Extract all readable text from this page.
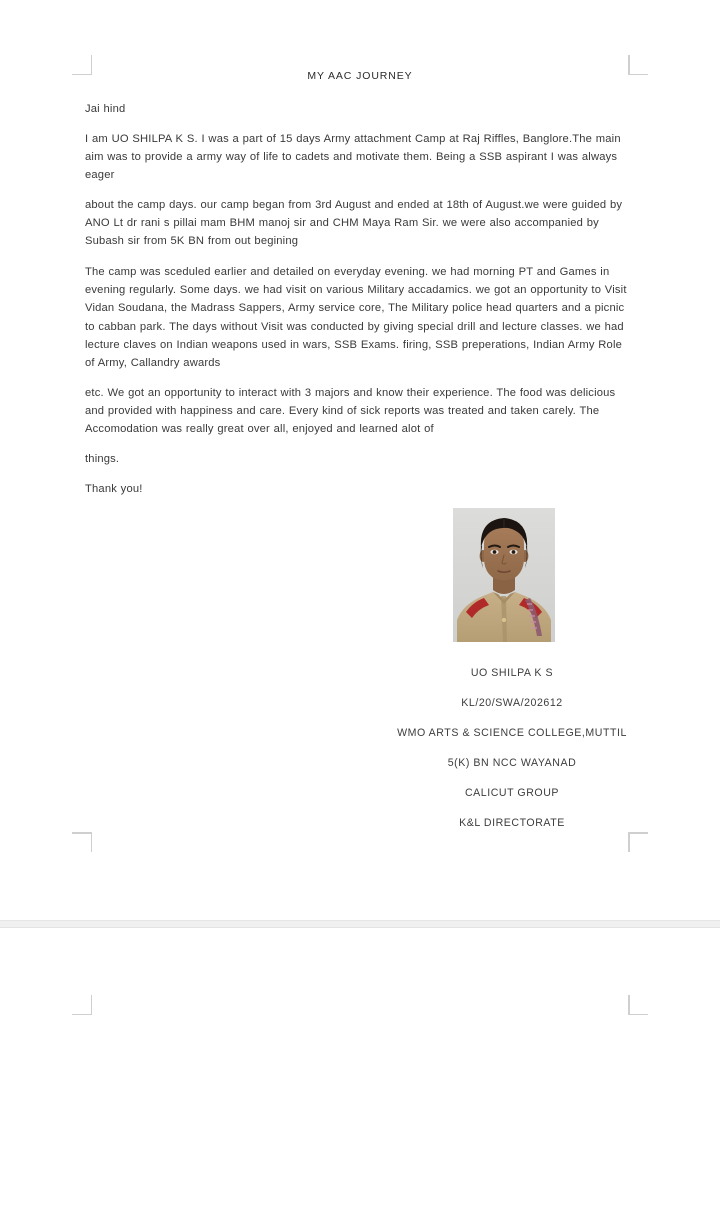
MY AAC JOURNEY

Jai hind

I am UO SHILPA K S. I was a part of 15 days Army attachment Camp at Raj Riffles, Banglore.The main aim was to provide a army way of life to cadets and motivate them. Being a SSB aspirant I was always eager

about the camp days. our camp began from 3rd August and ended at 18th of August.we were guided by ANO Lt dr rani s pillai mam BHM manoj sir and CHM Maya Ram Sir. we were also accompanied by Subash sir from 5K BN from out begining

The camp was sceduled earlier and detailed on everyday evening. we had morning PT and Games in evening regularly. Some days. we had visit on various Military accadamics. we got an opportunity to Visit Vidan Soudana, the Madrass Sappers, Army service core, The Military police head quarters and a picnic to cabban park. The days without Visit was conducted by giving special drill and lecture classes. we had lecture claves on Indian weapons used in wars, SSB Exams. firing, SSB preperations, Indian Army Role of Army, Callandry awards

etc. We got an opportunity to interact with 3 majors and know their experience. The food was delicious and provided with happiness and care. Every kind of sick reports was treated and taken carely. The Accomodation was really great over all, enjoyed and learned alot of

things.

Thank you!

UO SHILPA K S
KL/20/SWA/202612
WMO ARTS & SCIENCE COLLEGE,MUTTIL
5(K) BN NCC WAYANAD
CALICUT GROUP
K&L DIRECTORATE
